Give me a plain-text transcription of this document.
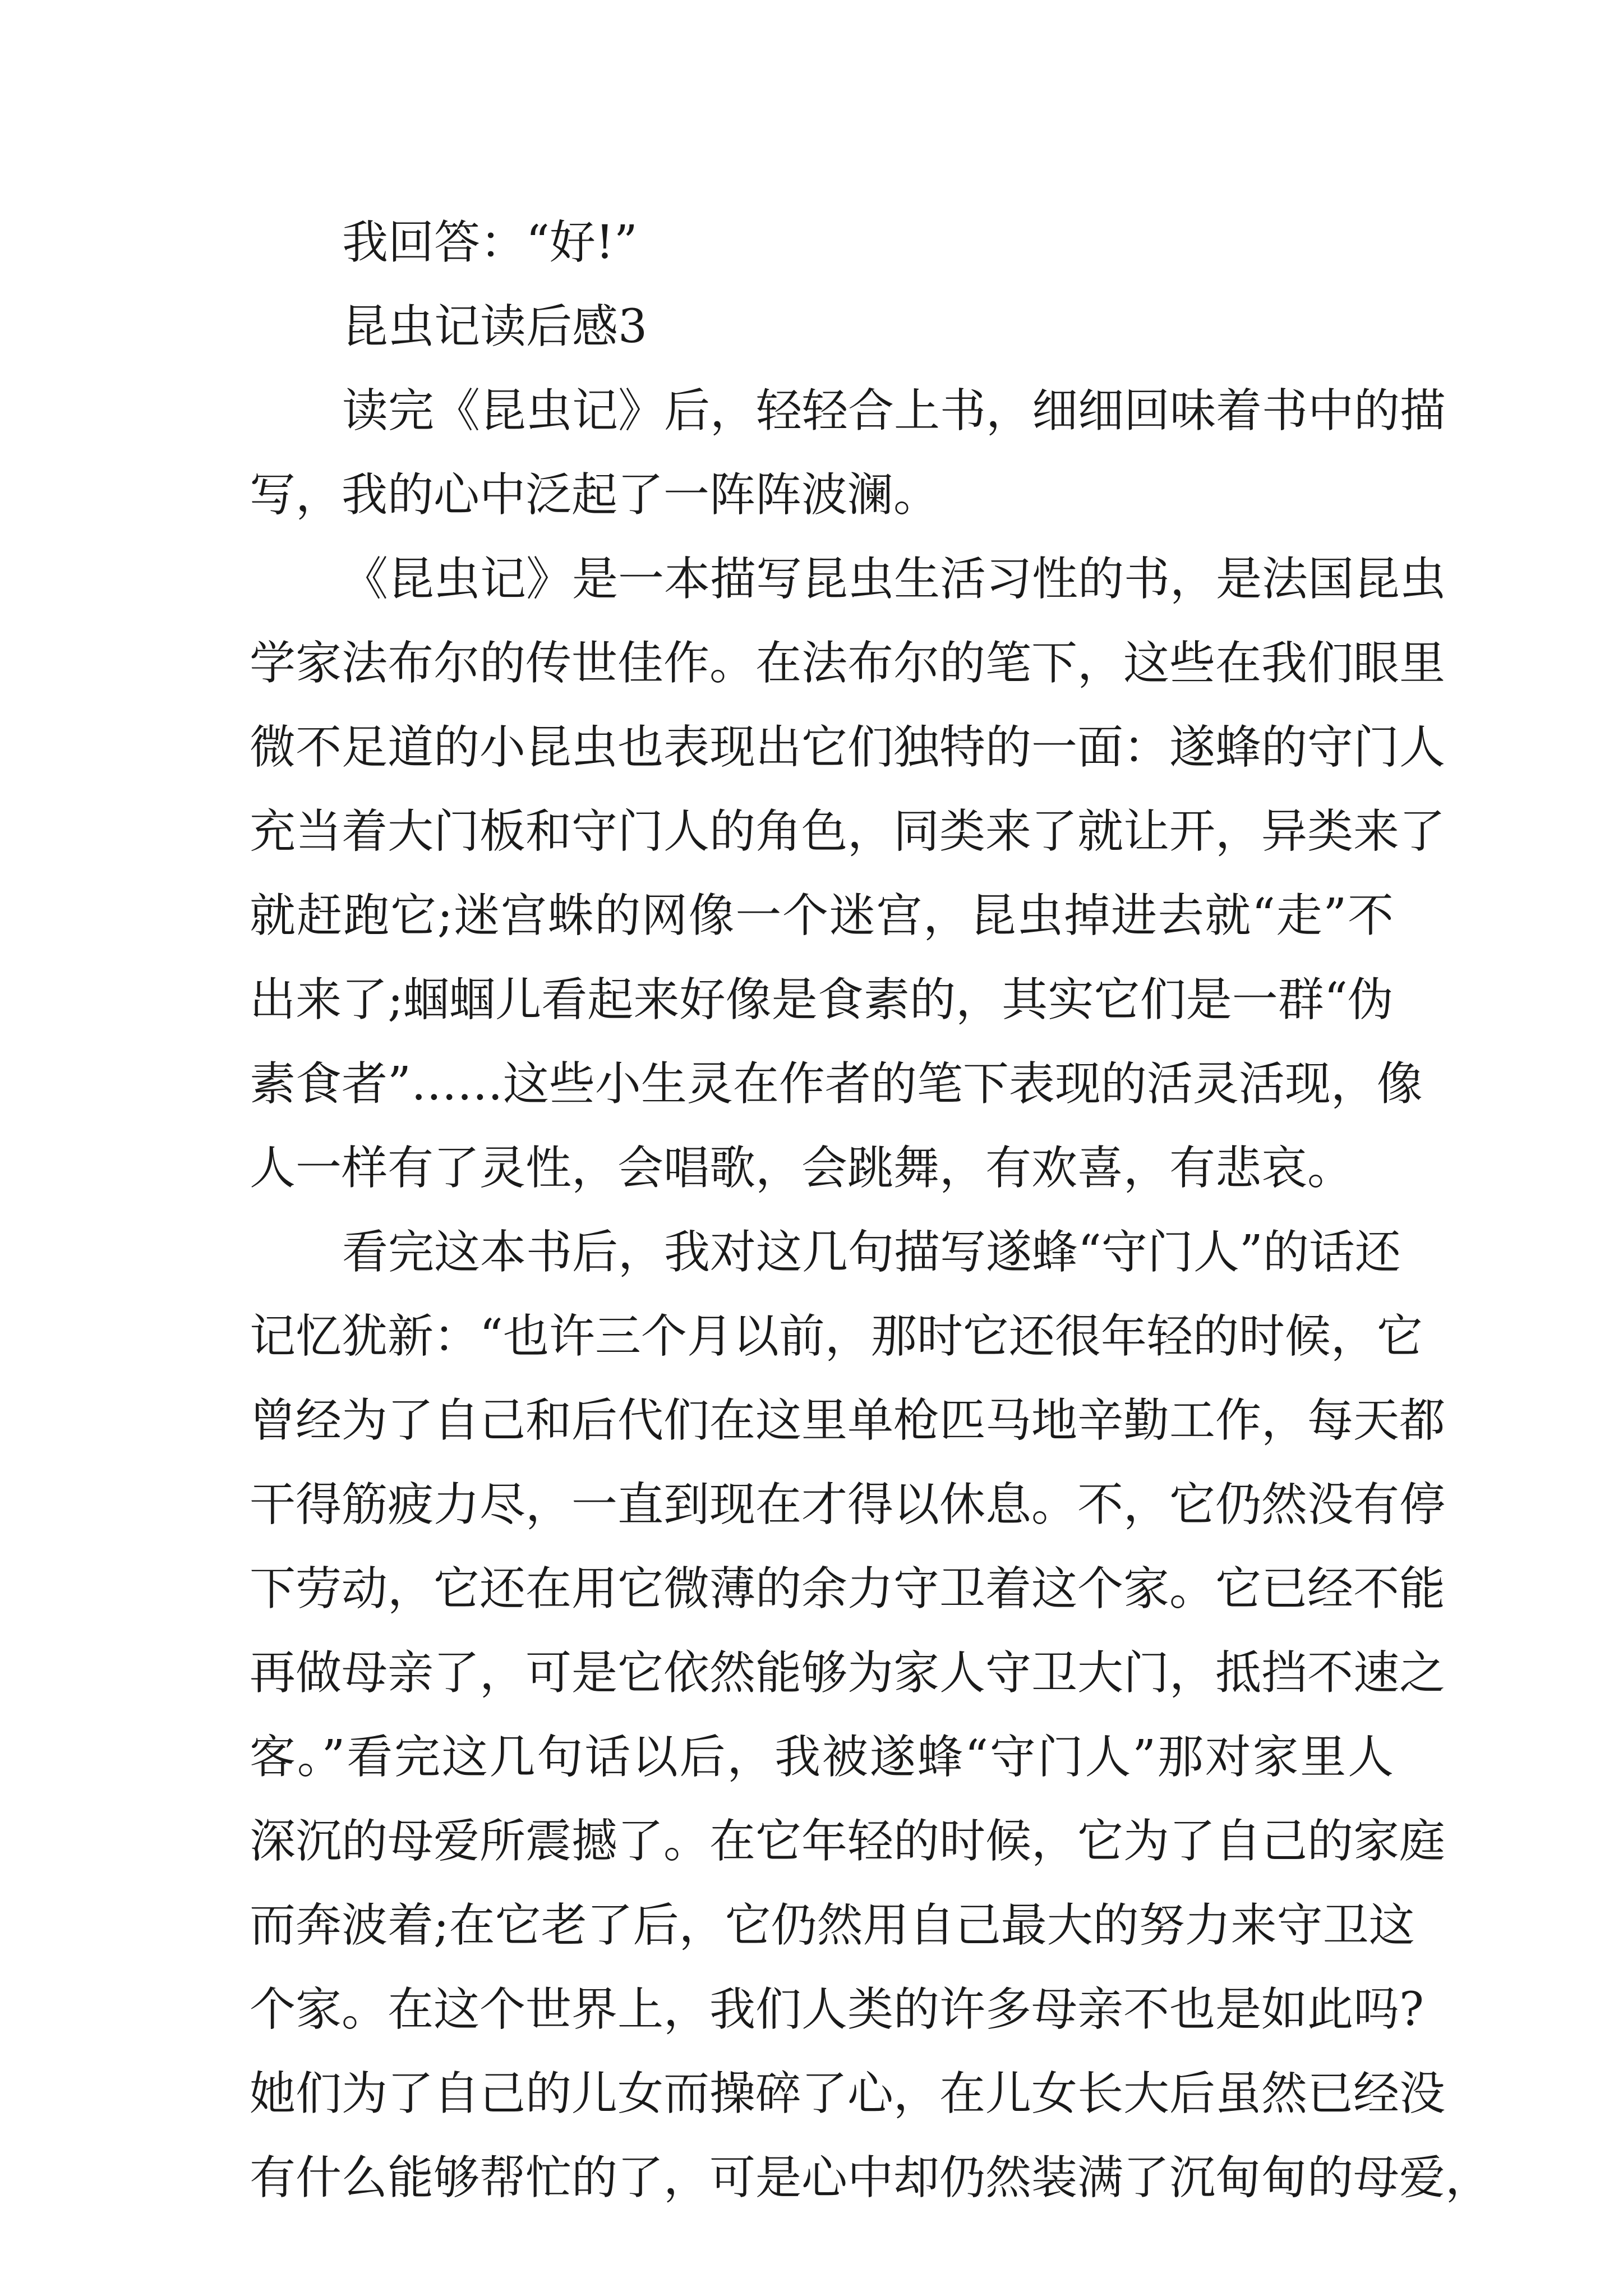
我回答：“好!”
昆虫记读后感3
读完《昆虫记》后，轻轻合上书，细细回味着书中的描
写，我的心中泛起了一阵阵波澜。
《昆虫记》是一本描写昆虫生活习性的书，是法国昆虫
学家法布尔的传世佳作。在法布尔的笔下，这些在我们眼里
微不足道的小昆虫也表现出它们独特的一面：遂蜂的守门人
充当着大门板和守门人的角色，同类来了就让开，异类来了
就赶跑它;迷宫蛛的网像一个迷宫，昆虫掉进去就“走”不
出来了;蝈蝈儿看起来好像是食素的，其实它们是一群“伪
素食者”……这些小生灵在作者的笔下表现的活灵活现，像
人一样有了灵性，会唱歌，会跳舞，有欢喜，有悲哀。
看完这本书后，我对这几句描写遂蜂“守门人”的话还
记忆犹新：“也许三个月以前，那时它还很年轻的时候，它
曾经为了自己和后代们在这里单枪匹马地辛勤工作，每天都
干得筋疲力尽，一直到现在才得以休息。不，它仍然没有停
下劳动，它还在用它微薄的余力守卫着这个家。它已经不能
再做母亲了，可是它依然能够为家人守卫大门，抵挡不速之
客。”看完这几句话以后，我被遂蜂“守门人”那对家里人
深沉的母爱所震撼了。在它年轻的时候，它为了自己的家庭
而奔波着;在它老了后，它仍然用自己最大的努力来守卫这
个家。在这个世界上，我们人类的许多母亲不也是如此吗?
她们为了自己的儿女而操碎了心，在儿女长大后虽然已经没
有什么能够帮忙的了，可是心中却仍然装满了沉甸甸的母爱，
